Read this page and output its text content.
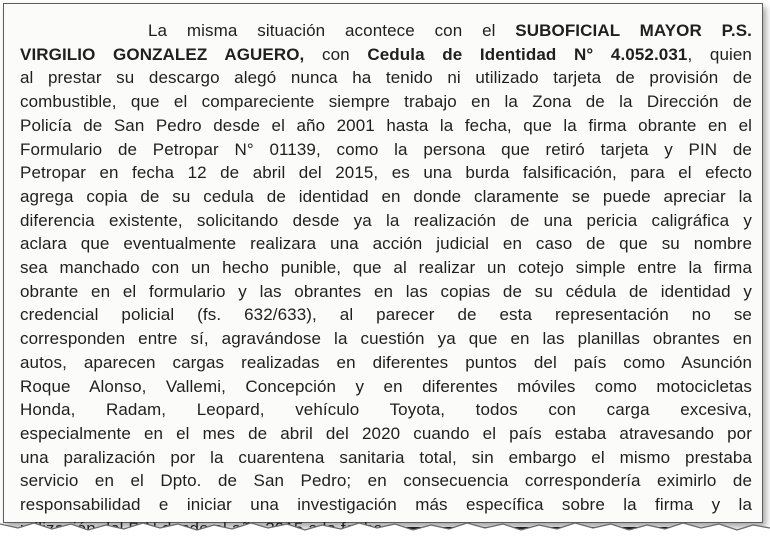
La misma situación acontece con el SUBOFICIAL MAYOR P.S.
VIRGILIO GONZALEZ AGUERO, con Cedula de Identidad N° 4.052.031, quien
al prestar su descargo alegó nunca ha tenido ni utilizado tarjeta de provisión de
combustible, que el compareciente siempre trabajo en la Zona de la Dirección de
Policía de San Pedro desde el año 2001 hasta la fecha, que la firma obrante en el
Formulario de Petropar N° 01139, como la persona que retiró tarjeta y PIN de
Petropar en fecha 12 de abril del 2015, es una burda falsificación, para el efecto
agrega copia de su cedula de identidad en donde claramente se puede apreciar la
diferencia existente, solicitando desde ya la realización de una pericia caligráfica y
aclara que eventualmente realizara una acción judicial en caso de que su nombre
sea manchado con un hecho punible, que al realizar un cotejo simple entre la firma
obrante en el formulario y las obrantes en las copias de su cédula de identidad y
credencial policial (fs. 632/633), al parecer de esta representación no se
corresponden entre sí, agravándose la cuestión ya que en las planillas obrantes en
autos, aparecen cargas realizadas en diferentes puntos del país como Asunción
Roque Alonso, Vallemi, Concepción y en diferentes móviles como motocicletas
Honda, Radam, Leopard, vehículo Toyota, todos con carga excesiva,
especialmente en el mes de abril del 2020 cuando el país estaba atravesando por
una paralización por la cuarentena sanitaria total, sin embargo el mismo prestaba
servicio en el Dpto. de San Pedro; en consecuencia correspondería eximirlo de
responsabilidad e iniciar una investigación más específica sobre la firma y la
